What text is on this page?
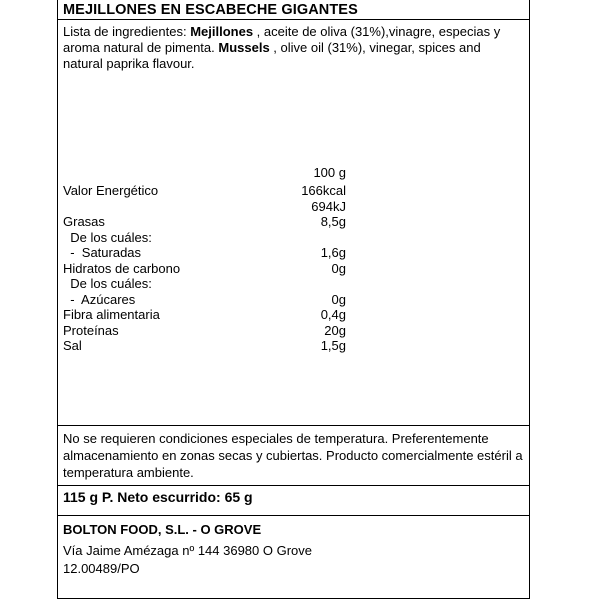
MEJILLONES EN ESCABECHE GIGANTES
Lista de ingredientes: Mejillones , aceite de oliva (31%),vinagre, especias y aroma natural de pimenta. Mussels , olive oil (31%), vinegar, spices and natural paprika flavour.
100 g
Valor Energético	166kcal
694kJ
Grasas	8,5g
De los cuáles:
-  Saturadas	1,6g
Hidratos de carbono	0g
De los cuáles:
-  Azúcares	0g
Fibra alimentaria	0,4g
Proteínas	20g
Sal	1,5g
No se requieren condiciones especiales de temperatura. Preferentemente almacenamiento en zonas secas y cubiertas. Producto comercialmente estéril a temperatura ambiente.
115 g P. Neto escurrido: 65 g
BOLTON FOOD, S.L. - O GROVE
Vía Jaime Amézaga nº 144 36980 O Grove
12.00489/PO
